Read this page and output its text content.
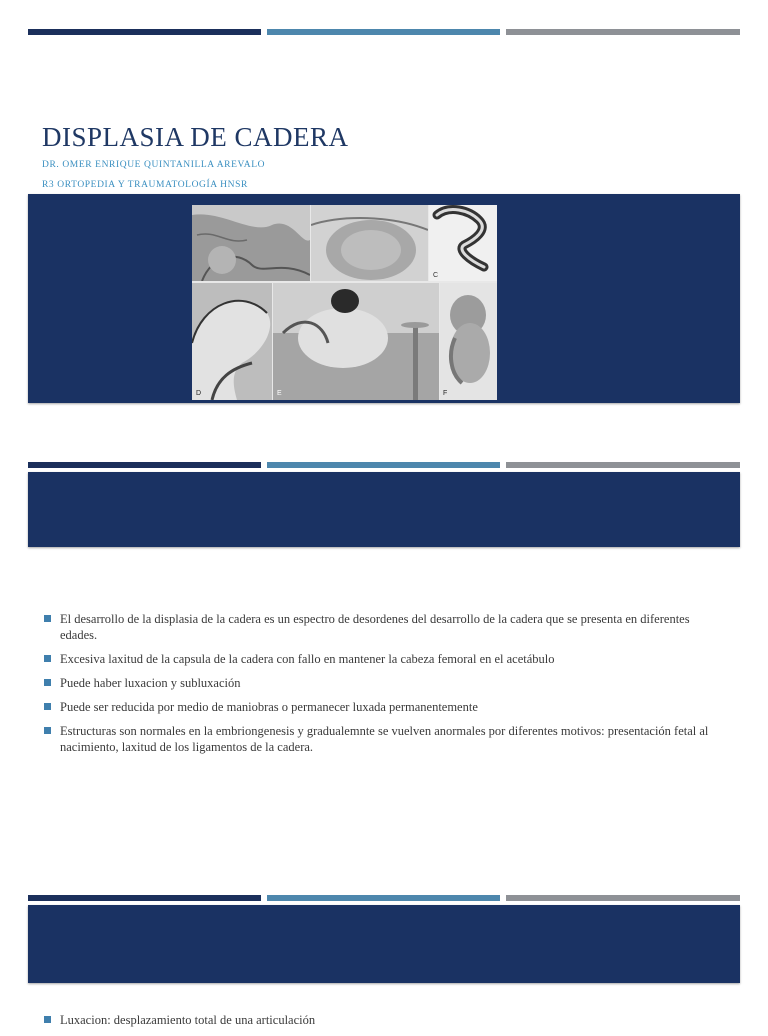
DISPLASIA DE CADERA
DR. OMER ENRIQUE QUINTANILLA AREVALO
R3 ORTOPEDIA Y TRAUMATOLOGÍA HNSR
C
D	E	F
El desarrollo de la displasia de la cadera es un espectro de desordenes del desarrollo de la cadera que se presenta en diferentes edades.
Excesiva laxitud de la capsula de la cadera con fallo en mantener la cabeza femoral en el acetábulo
Puede haber luxacion y subluxación
Puede ser reducida por medio de maniobras o permanecer luxada permanentemente
Estructuras son normales en la embriongenesis y gradualemnte se vuelven anormales por diferentes motivos: presentación fetal al nacimiento, laxitud de los ligamentos de la cadera.
Luxacion: desplazamiento total de una articulación
